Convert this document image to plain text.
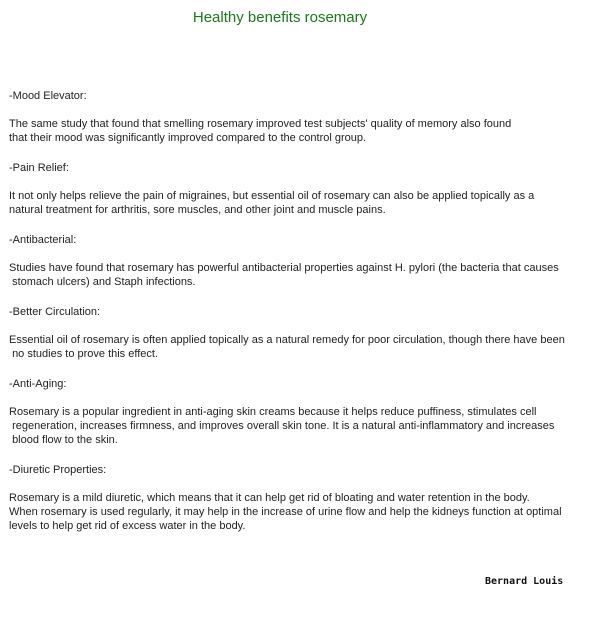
Healthy benefits rosemary

-Mood Elevator:

The same study that found that smelling rosemary improved test subjects' quality of memory also found
that their mood was significantly improved compared to the control group.

-Pain Relief:

It not only helps relieve the pain of migraines, but essential oil of rosemary can also be applied topically as a
natural treatment for arthritis, sore muscles, and other joint and muscle pains.

-Antibacterial:

Studies have found that rosemary has powerful antibacterial properties against H. pylori (the bacteria that causes
stomach ulcers) and Staph infections.

-Better Circulation:

Essential oil of rosemary is often applied topically as a natural remedy for poor circulation, though there have been
no studies to prove this effect.

-Anti-Aging:

Rosemary is a popular ingredient in anti-aging skin creams because it helps reduce puffiness, stimulates cell
regeneration, increases firmness, and improves overall skin tone. It is a natural anti-inflammatory and increases
blood flow to the skin.

-Diuretic Properties:

Rosemary is a mild diuretic, which means that it can help get rid of bloating and water retention in the body.
When rosemary is used regularly, it may help in the increase of urine flow and help the kidneys function at optimal
levels to help get rid of excess water in the body.

Bernard Louis
